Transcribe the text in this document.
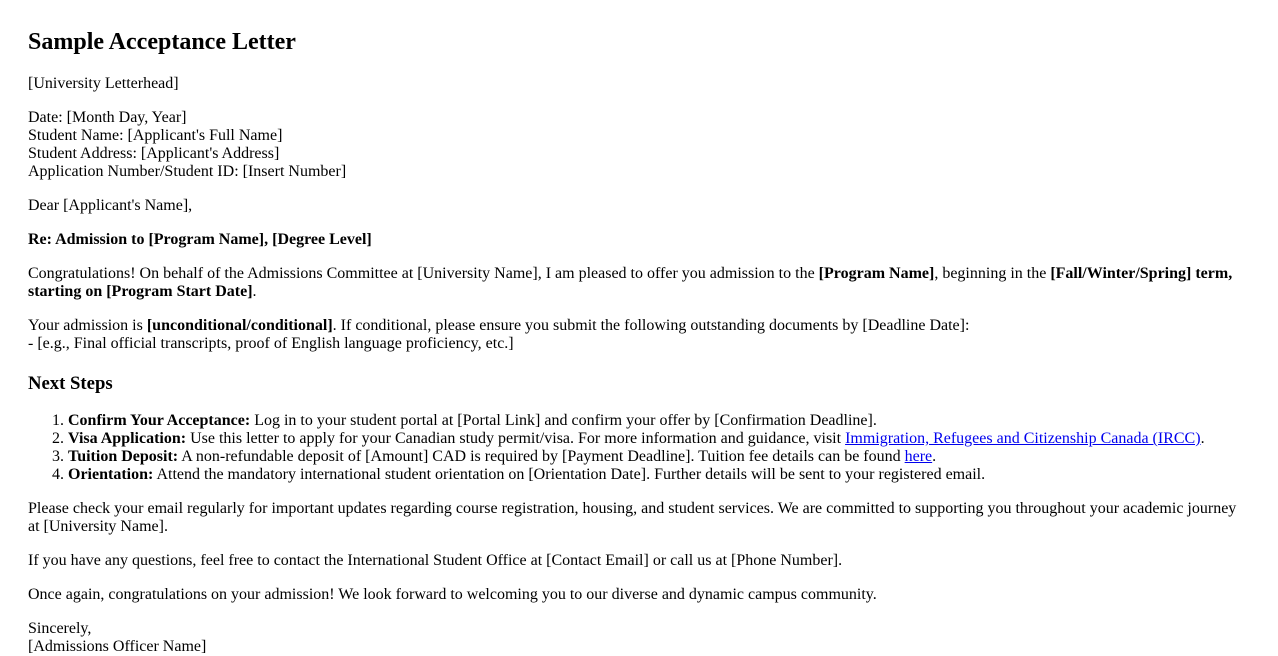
Sample Acceptance Letter

[University Letterhead]

Date: [Month Day, Year]
Student Name: [Applicant's Full Name]
Student Address: [Applicant's Address]
Application Number/Student ID: [Insert Number]

Dear [Applicant's Name],

Re: Admission to [Program Name], [Degree Level]

Congratulations! On behalf of the Admissions Committee at [University Name], I am pleased to offer you admission to the [Program Name], beginning in the [Fall/Winter/Spring] term, starting on [Program Start Date].

Your admission is [unconditional/conditional]. If conditional, please ensure you submit the following outstanding documents by [Deadline Date]:
- [e.g., Final official transcripts, proof of English language proficiency, etc.]
Next Steps
1. Confirm Your Acceptance: Log in to your student portal at [Portal Link] and confirm your offer by [Confirmation Deadline].
2. Visa Application: Use this letter to apply for your Canadian study permit/visa. For more information and guidance, visit Immigration, Refugees and Citizenship Canada (IRCC).
3. Tuition Deposit: A non-refundable deposit of [Amount] CAD is required by [Payment Deadline]. Tuition fee details can be found here.
4. Orientation: Attend the mandatory international student orientation on [Orientation Date]. Further details will be sent to your registered email.

Please check your email regularly for important updates regarding course registration, housing, and student services. We are committed to supporting you throughout your academic journey at [University Name].

If you have any questions, feel free to contact the International Student Office at [Contact Email] or call us at [Phone Number].

Once again, congratulations on your admission! We look forward to welcoming you to our diverse and dynamic campus community.

Sincerely,
[Admissions Officer Name]
